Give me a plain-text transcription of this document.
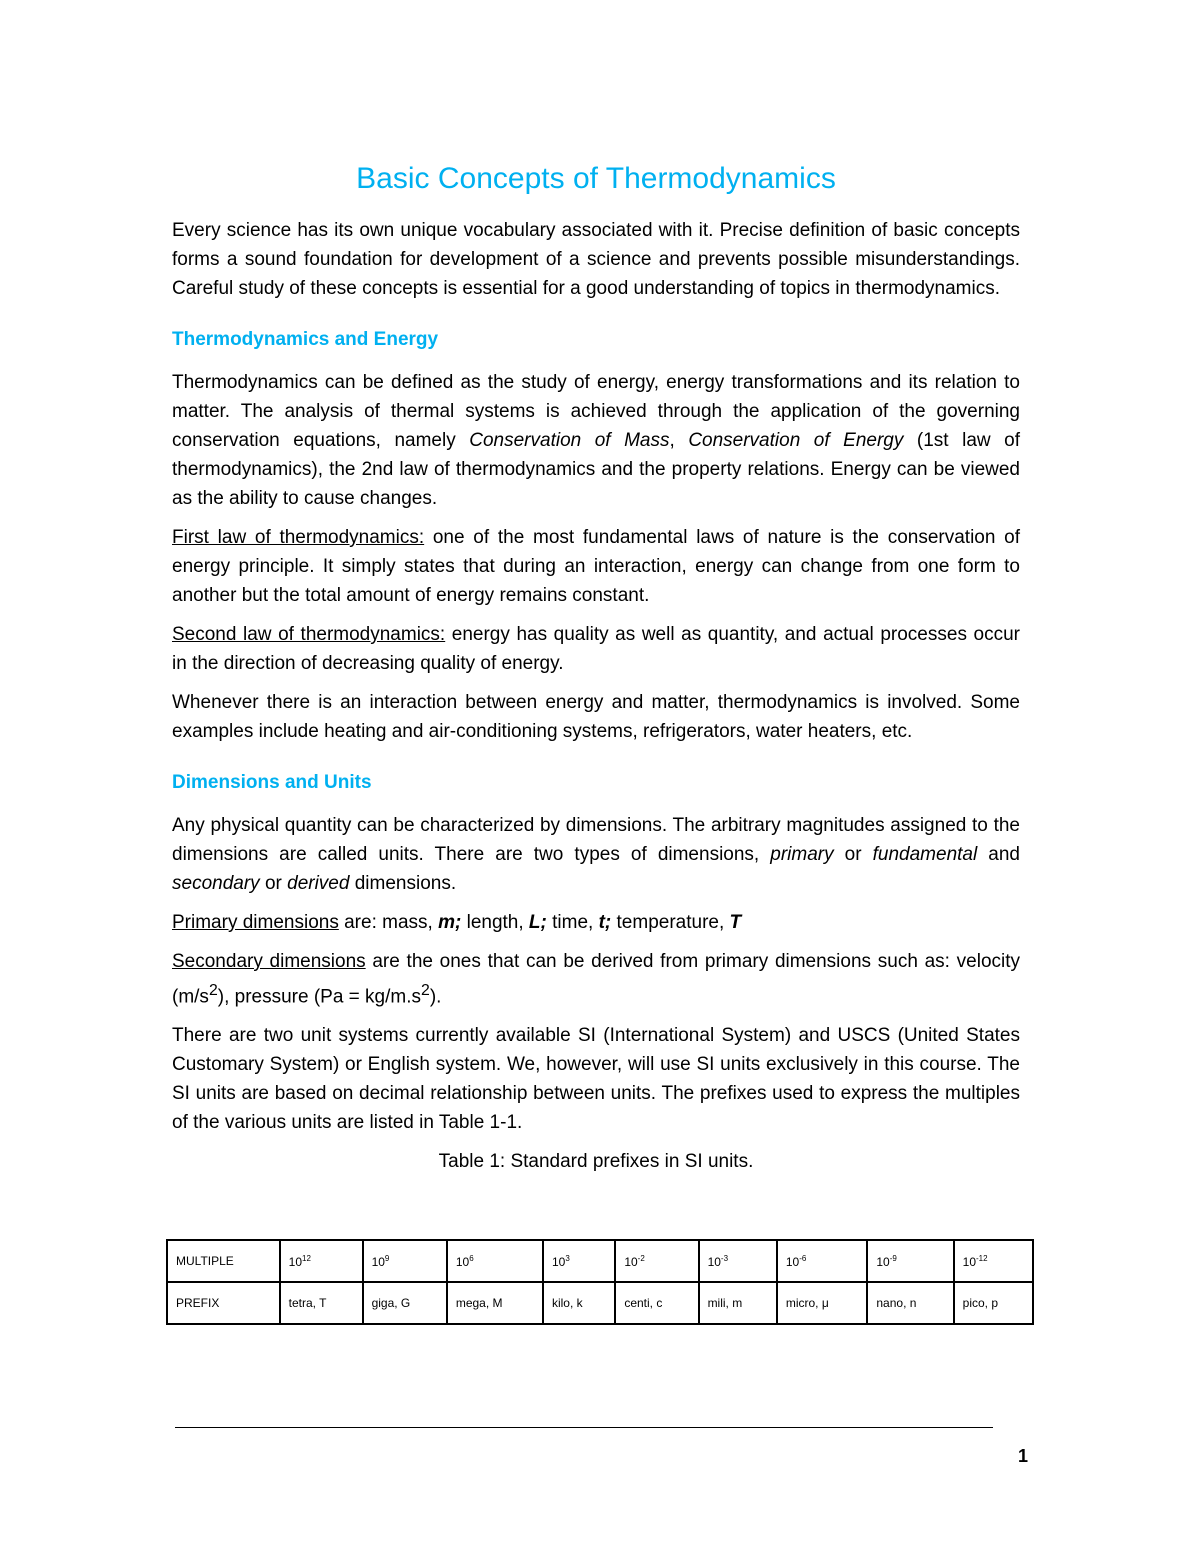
Basic Concepts of Thermodynamics

Every science has its own unique vocabulary associated with it. Precise definition of basic concepts forms a sound foundation for development of a science and prevents possible misunderstandings. Careful study of these concepts is essential for a good understanding of topics in thermodynamics.

Thermodynamics and Energy

Thermodynamics can be defined as the study of energy, energy transformations and its relation to matter. The analysis of thermal systems is achieved through the application of the governing conservation equations, namely Conservation of Mass, Conservation of Energy (1st law of thermodynamics), the 2nd law of thermodynamics and the property relations. Energy can be viewed as the ability to cause changes.

First law of thermodynamics: one of the most fundamental laws of nature is the conservation of energy principle. It simply states that during an interaction, energy can change from one form to another but the total amount of energy remains constant.

Second law of thermodynamics: energy has quality as well as quantity, and actual processes occur in the direction of decreasing quality of energy.

Whenever there is an interaction between energy and matter, thermodynamics is involved. Some examples include heating and air-conditioning systems, refrigerators, water heaters, etc.

Dimensions and Units

Any physical quantity can be characterized by dimensions. The arbitrary magnitudes assigned to the dimensions are called units. There are two types of dimensions, primary or fundamental and secondary or derived dimensions.

Primary dimensions are: mass, m; length, L; time, t; temperature, T

Secondary dimensions are the ones that can be derived from primary dimensions such as: velocity $(m/s^2)$, pressure $(Pa = kg/m.s^2)$.

There are two unit systems currently available SI (International System) and USCS (United States Customary System) or English system. We, however, will use SI units exclusively in this course. The SI units are based on decimal relationship between units. The prefixes used to express the multiples of the various units are listed in Table 1-1.

Table 1: Standard prefixes in SI units.
MULTIPLE	$10^{12}$	$10^9$	$10^6$	$10^3$	$10^{-2}$	$10^{-3}$	$10^{-6}$	$10^{-9}$	$10^{-12}$
PREFIX	tetra, T	giga, G	mega, M	kilo, k	centi, c	mili, m	micro, μ	nano, n	pico, p
1
